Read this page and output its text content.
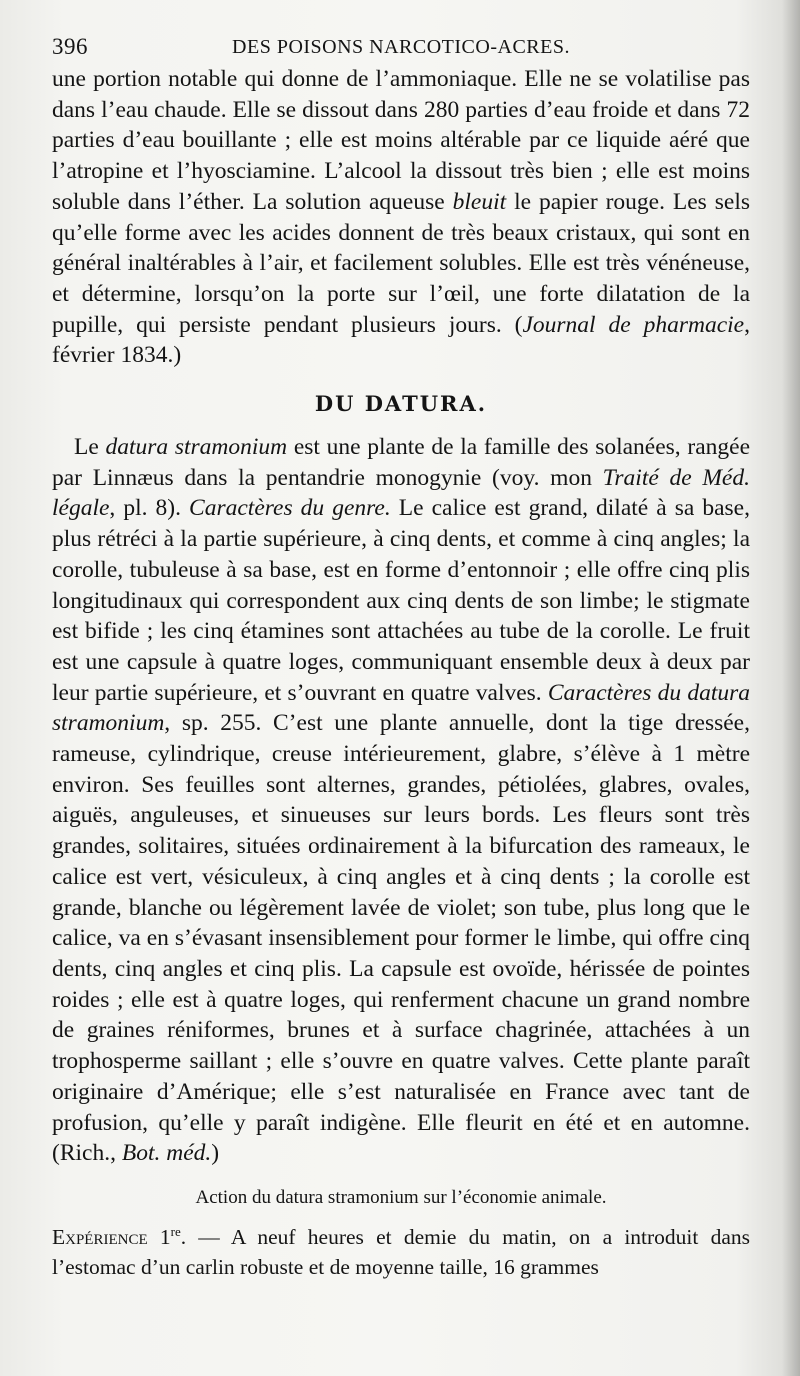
396	DES POISONS NARCOTICO-ACRES.

une portion notable qui donne de l’ammoniaque. Elle ne se volatilise pas dans l’eau chaude. Elle se dissout dans 280 parties d’eau froide et dans 72 parties d’eau bouillante ; elle est moins altérable par ce liquide aéré que l’atropine et l’hyosciamine. L’alcool la dissout très bien ; elle est moins soluble dans l’éther. La solution aqueuse bleuit le papier rouge. Les sels qu’elle forme avec les acides donnent de très beaux cristaux, qui sont en général inaltérables à l’air, et facilement solubles. Elle est très vénéneuse, et détermine, lorsqu’on la porte sur l’œil, une forte dilatation de la pupille, qui persiste pendant plusieurs jours. (Journal de pharmacie, février 1834.)

DU DATURA.

Le datura stramonium est une plante de la famille des solanées, rangée par Linnæus dans la pentandrie monogynie (voy. mon Traité de Méd. légale, pl. 8). Caractères du genre. Le calice est grand, dilaté à sa base, plus rétréci à la partie supérieure, à cinq dents, et comme à cinq angles; la corolle, tubuleuse à sa base, est en forme d’entonnoir ; elle offre cinq plis longitudinaux qui correspondent aux cinq dents de son limbe; le stigmate est bifide ; les cinq étamines sont attachées au tube de la corolle. Le fruit est une capsule à quatre loges, communiquant ensemble deux à deux par leur partie supérieure, et s’ouvrant en quatre valves. Caractères du datura stramonium, sp. 255. C’est une plante annuelle, dont la tige dressée, rameuse, cylindrique, creuse intérieurement, glabre, s’élève à 1 mètre environ. Ses feuilles sont alternes, grandes, pétiolées, glabres, ovales, aiguës, anguleuses, et sinueuses sur leurs bords. Les fleurs sont très grandes, solitaires, situées ordinairement à la bifurcation des rameaux, le calice est vert, vésiculeux, à cinq angles et à cinq dents ; la corolle est grande, blanche ou légèrement lavée de violet; son tube, plus long que le calice, va en s’évasant insensiblement pour former le limbe, qui offre cinq dents, cinq angles et cinq plis. La capsule est ovoïde, hérissée de pointes roides ; elle est à quatre loges, qui renferment chacune un grand nombre de graines réniformes, brunes et à surface chagrinée, attachées à un trophosperme saillant ; elle s’ouvre en quatre valves. Cette plante paraît originaire d’Amérique; elle s’est naturalisée en France avec tant de profusion, qu’elle y paraît indigène. Elle fleurit en été et en automne. (Rich., Bot. méd.)

Action du datura stramonium sur l’économie animale.

Expérience 1re. — A neuf heures et demie du matin, on a introduit dans l’estomac d’un carlin robuste et de moyenne taille, 16 grammes
